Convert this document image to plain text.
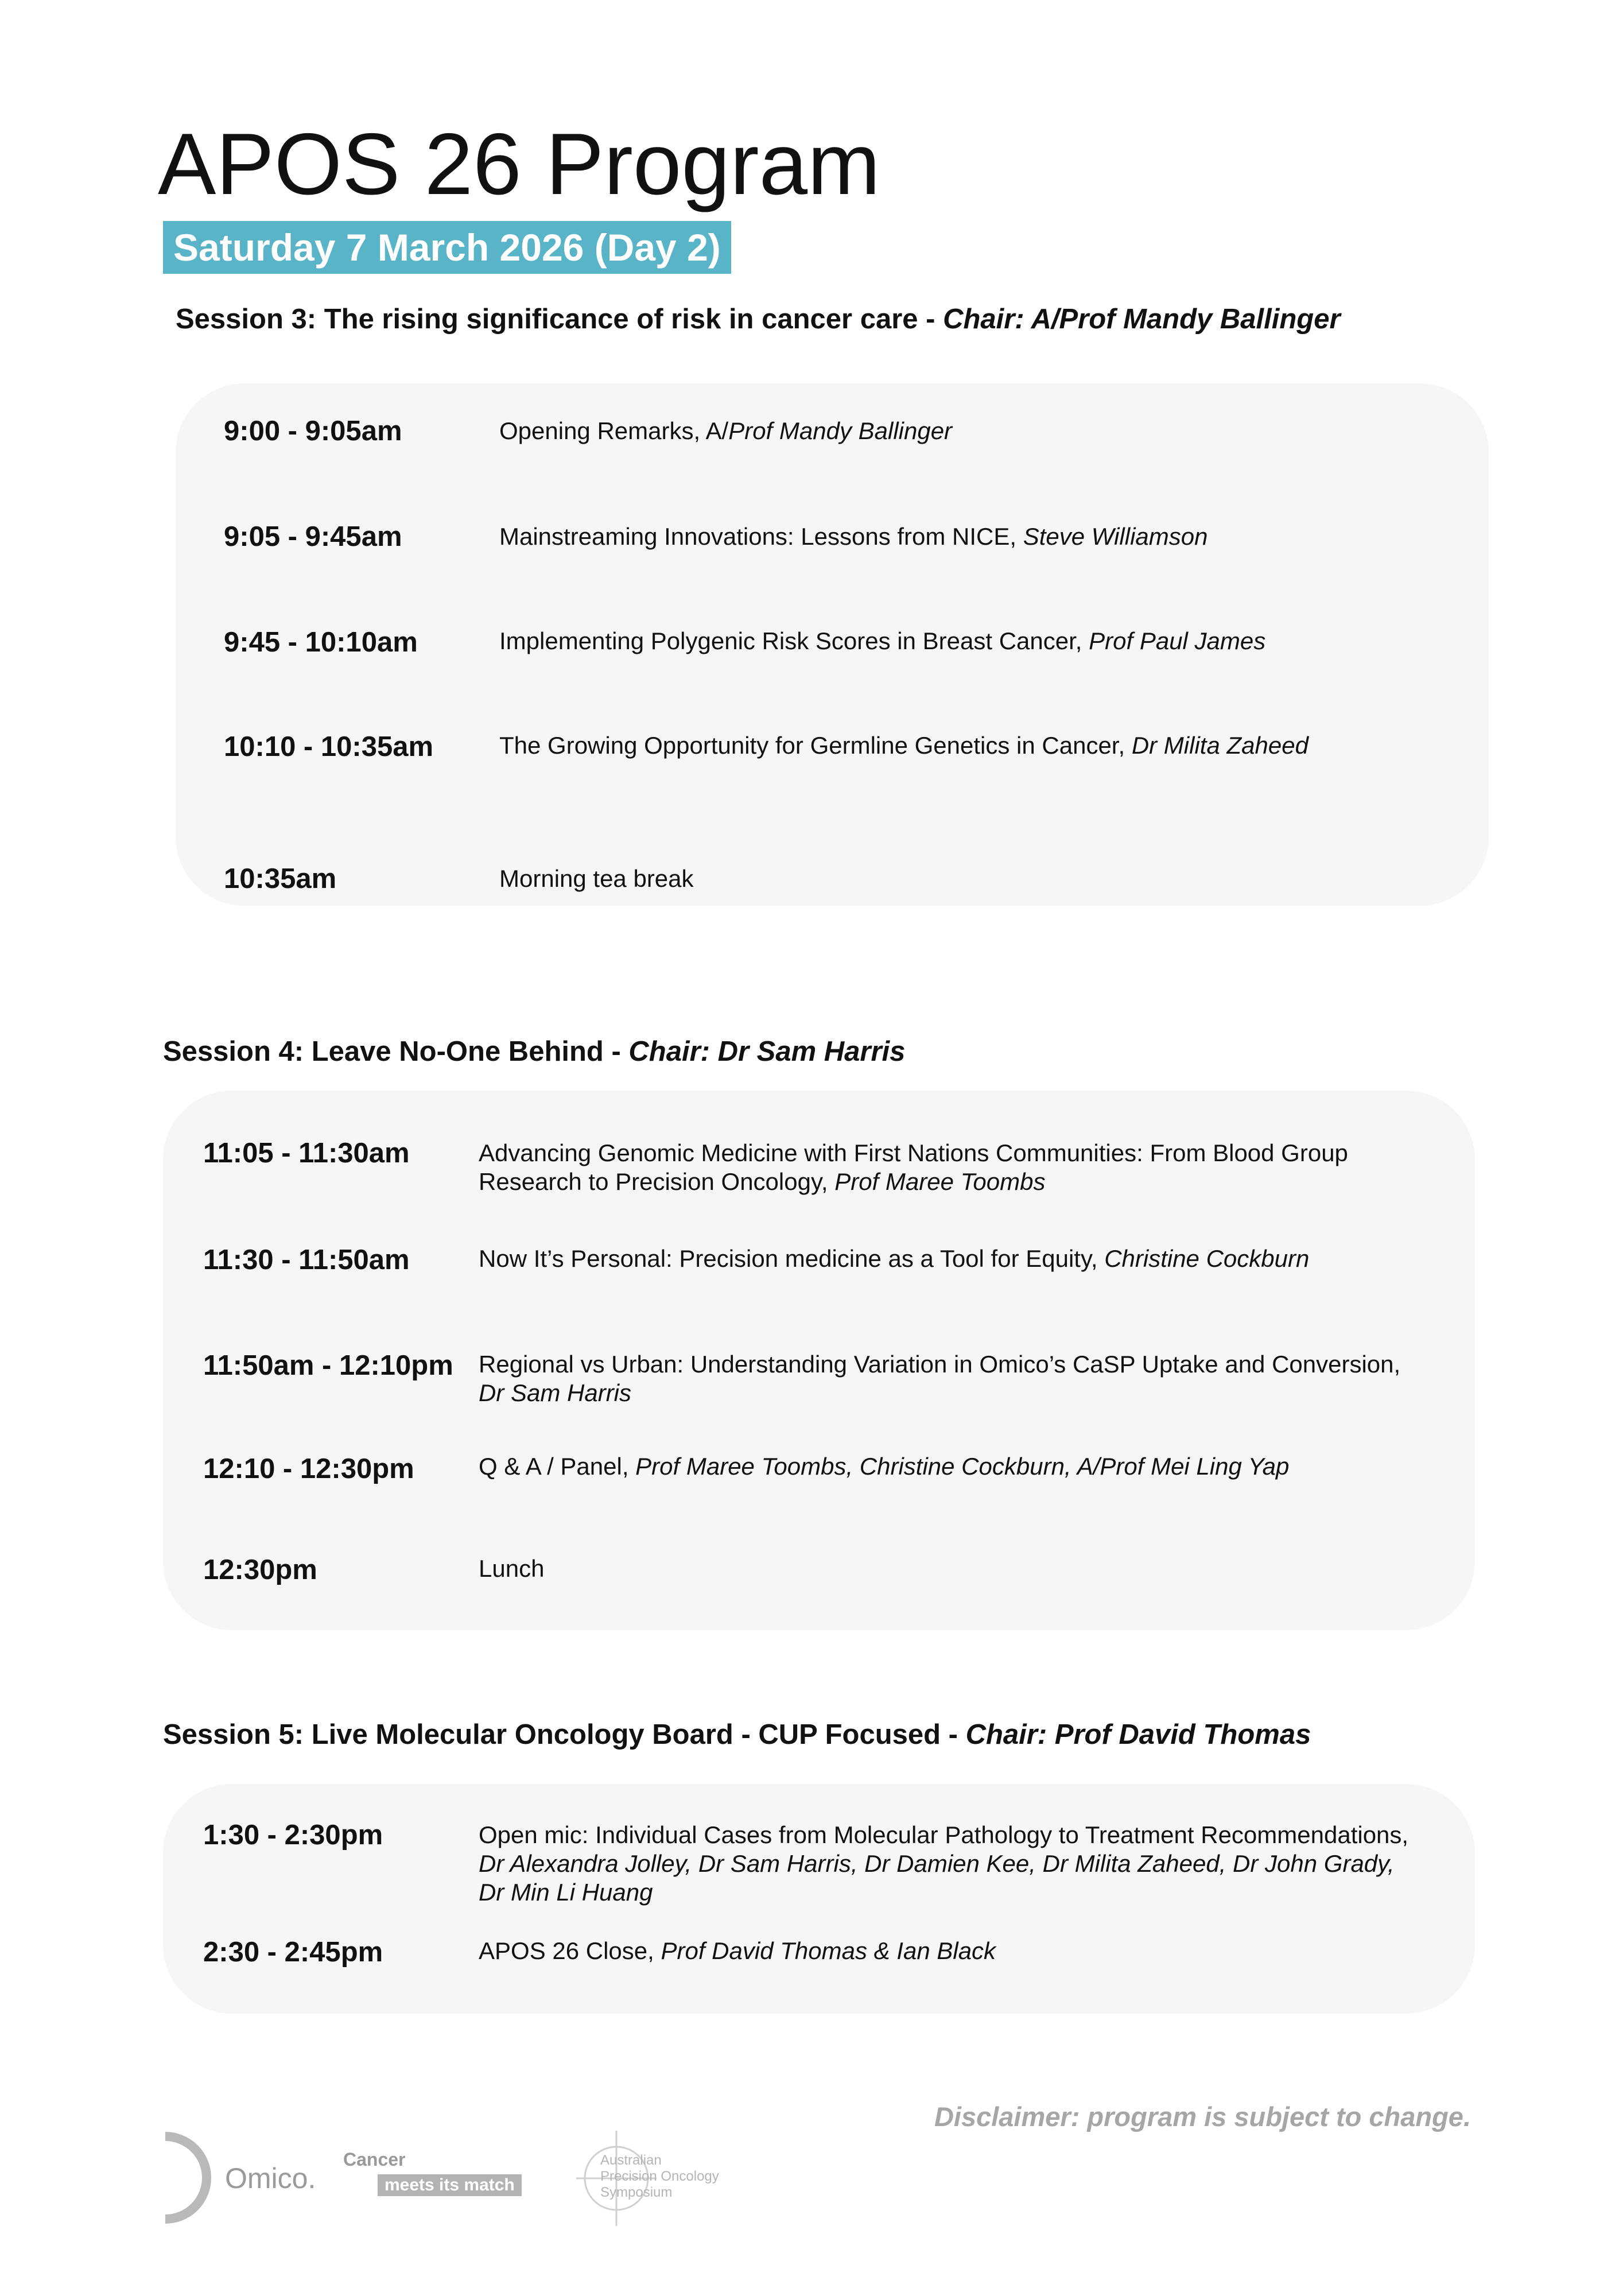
APOS 26 Program
Saturday 7 March 2026 (Day 2)
Session 3: The rising significance of risk in cancer care - Chair: A/Prof Mandy Ballinger
9:00 - 9:05am	Opening Remarks, A/Prof Mandy Ballinger
9:05 - 9:45am	Mainstreaming Innovations: Lessons from NICE, Steve Williamson
9:45 - 10:10am	Implementing Polygenic Risk Scores in Breast Cancer, Prof Paul James
10:10 - 10:35am	The Growing Opportunity for Germline Genetics in Cancer, Dr Milita Zaheed
10:35am	Morning tea break
Session 4: Leave No-One Behind - Chair: Dr Sam Harris
11:05 - 11:30am	Advancing Genomic Medicine with First Nations Communities: From Blood Group Research to Precision Oncology, Prof Maree Toombs
11:30 - 11:50am	Now It’s Personal: Precision medicine as a Tool for Equity, Christine Cockburn
11:50am - 12:10pm Regional vs Urban: Understanding Variation in Omico’s CaSP Uptake and Conversion, Dr Sam Harris
12:10 - 12:30pm	Q & A / Panel, Prof Maree Toombs, Christine Cockburn, A/Prof Mei Ling Yap
12:30pm	Lunch
Session 5: Live Molecular Oncology Board - CUP Focused - Chair: Prof David Thomas
1:30 - 2:30pm	Open mic: Individual Cases from Molecular Pathology to Treatment Recommendations,
Dr Alexandra Jolley, Dr Sam Harris, Dr Damien Kee, Dr Milita Zaheed, Dr John Grady,
Dr Min Li Huang
2:30 - 2:45pm	APOS 26 Close, Prof David Thomas & Ian Black
Disclaimer: program is subject to change.
Omico.
Cancer
meets its match
Australian
Precision Oncology
Symposium
